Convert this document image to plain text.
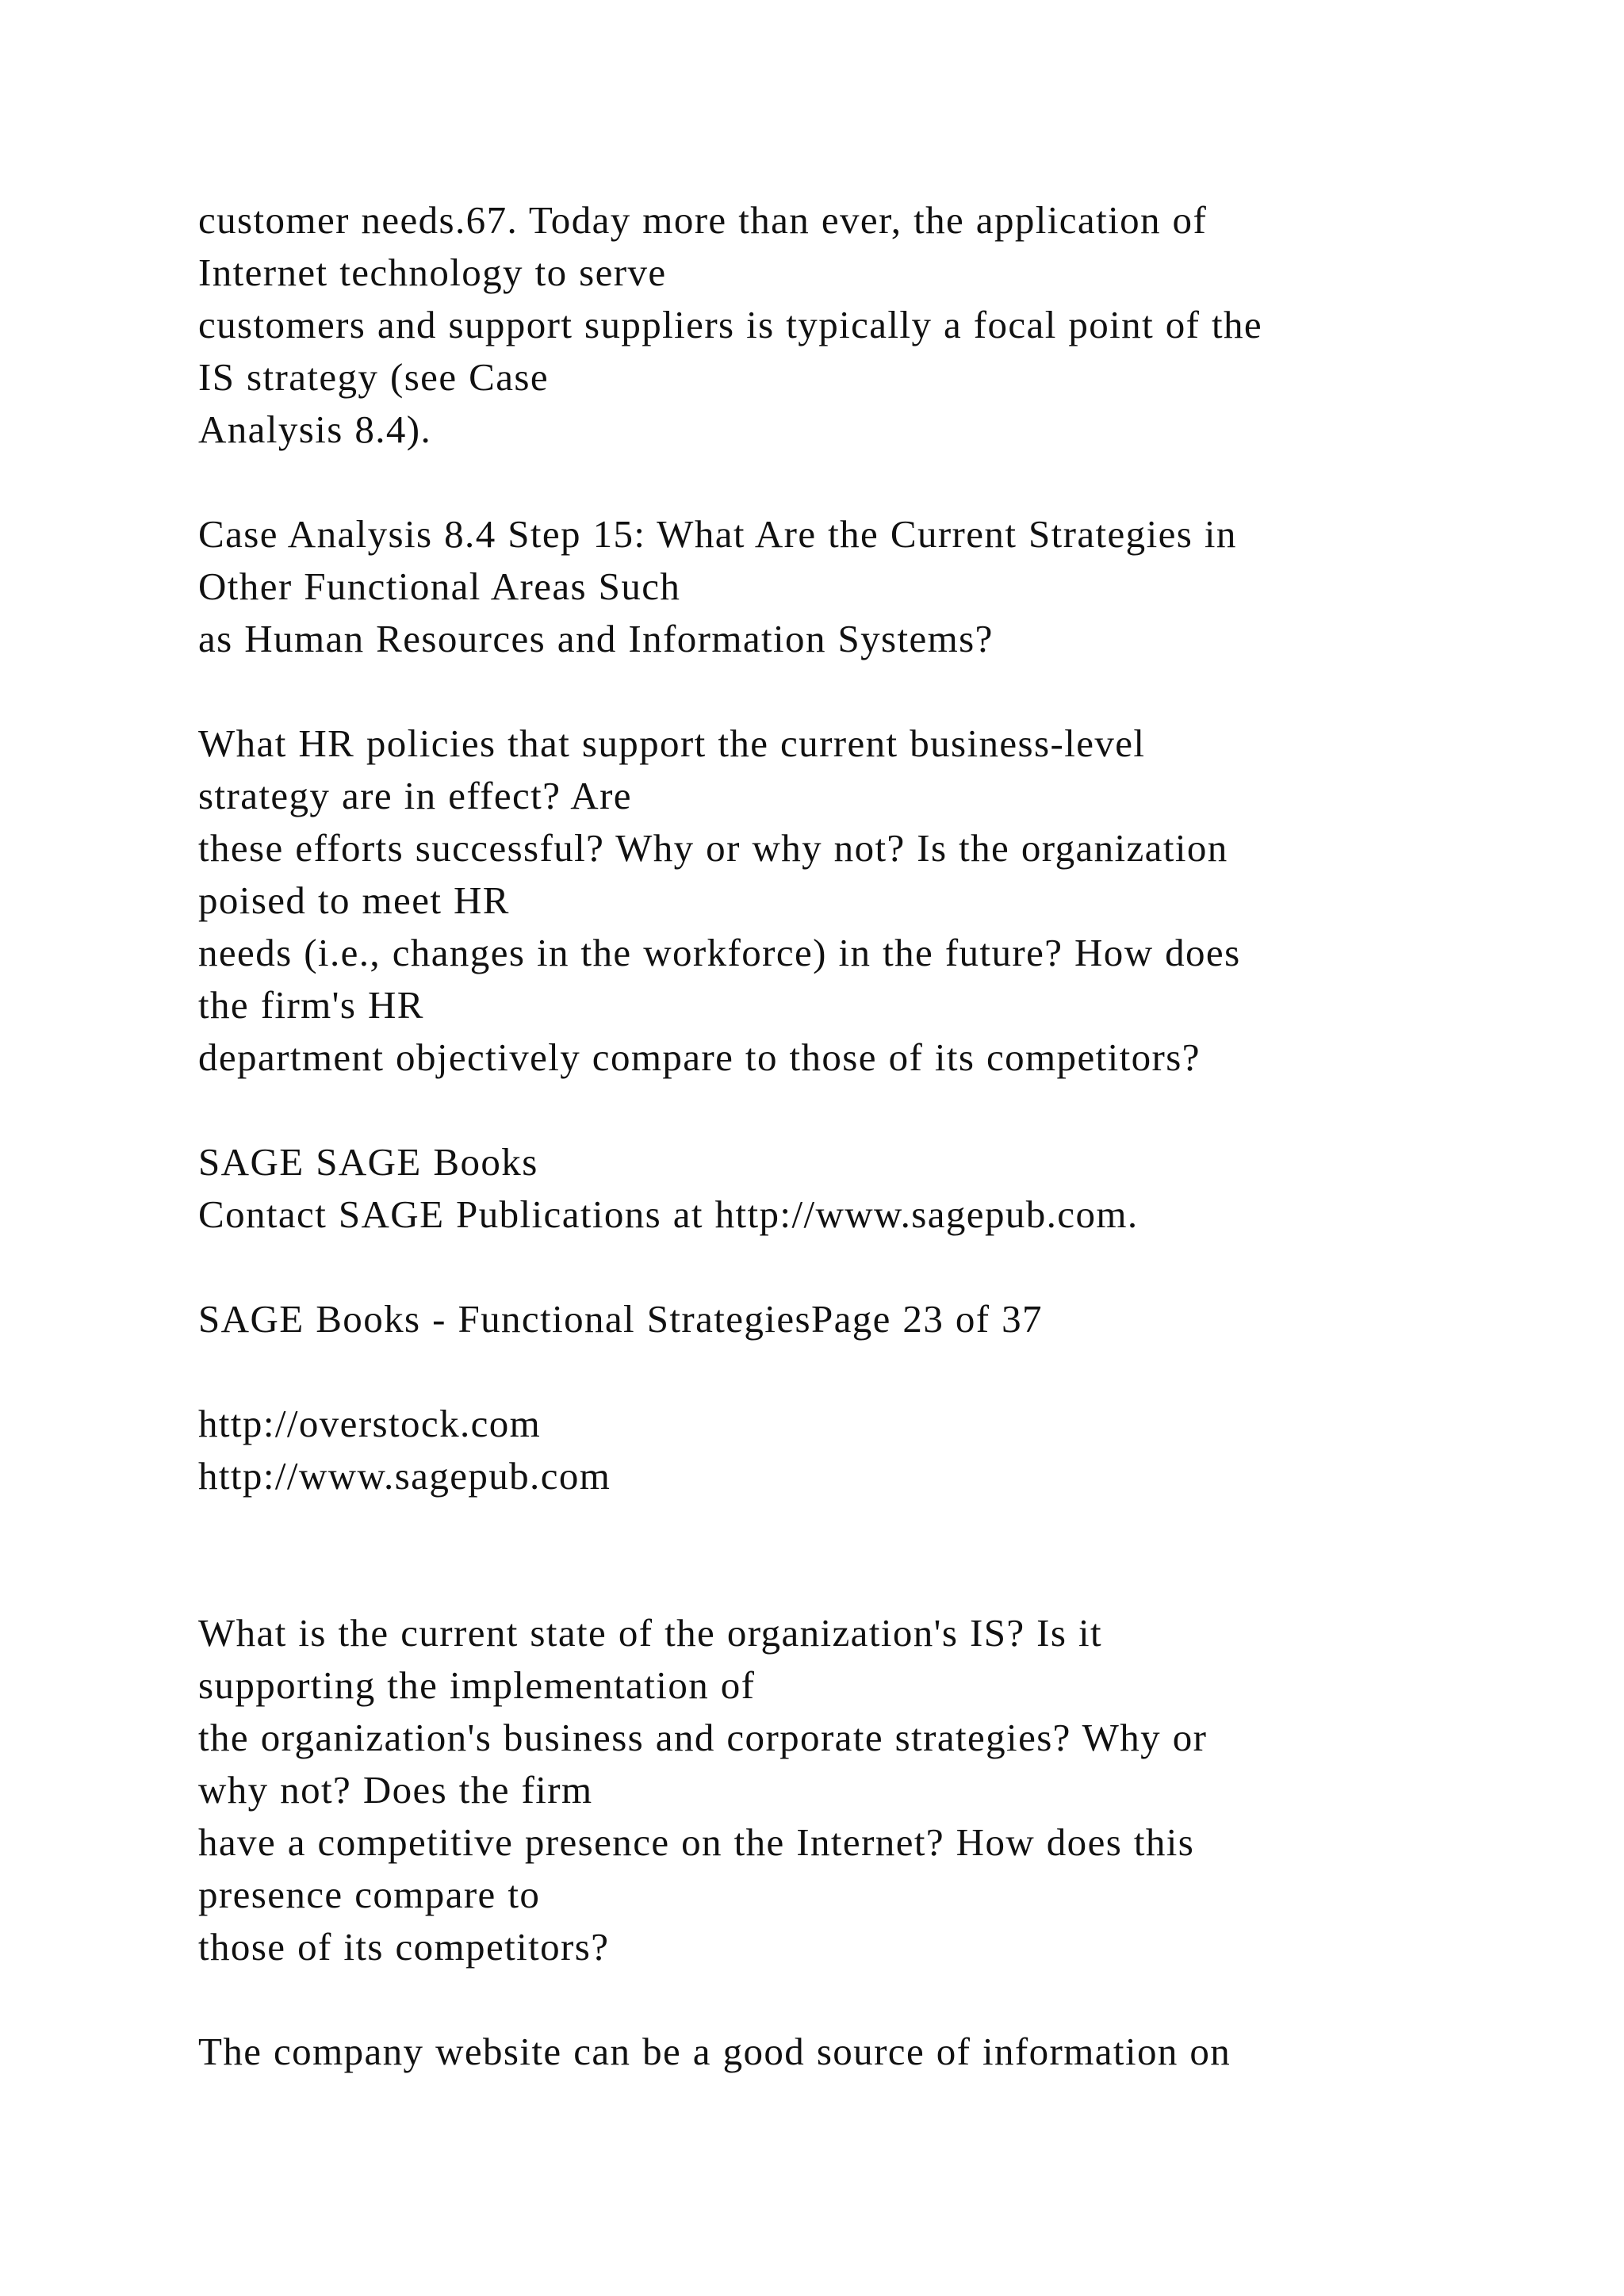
customer needs.67. Today more than ever, the application of
Internet technology to serve
customers and support suppliers is typically a focal point of the
IS strategy (see Case
Analysis 8.4).
Case Analysis 8.4 Step 15: What Are the Current Strategies in
Other Functional Areas Such
as Human Resources and Information Systems?
What HR policies that support the current business-level
strategy are in effect? Are
these efforts successful? Why or why not? Is the organization
poised to meet HR
needs (i.e., changes in the workforce) in the future? How does
the firm's HR
department objectively compare to those of its competitors?
SAGE SAGE Books
Contact SAGE Publications at http://www.sagepub.com.
SAGE Books - Functional StrategiesPage 23 of 37
http://overstock.com
http://www.sagepub.com
What is the current state of the organization's IS? Is it
supporting the implementation of
the organization's business and corporate strategies? Why or
why not? Does the firm
have a competitive presence on the Internet? How does this
presence compare to
those of its competitors?
The company website can be a good source of information on
